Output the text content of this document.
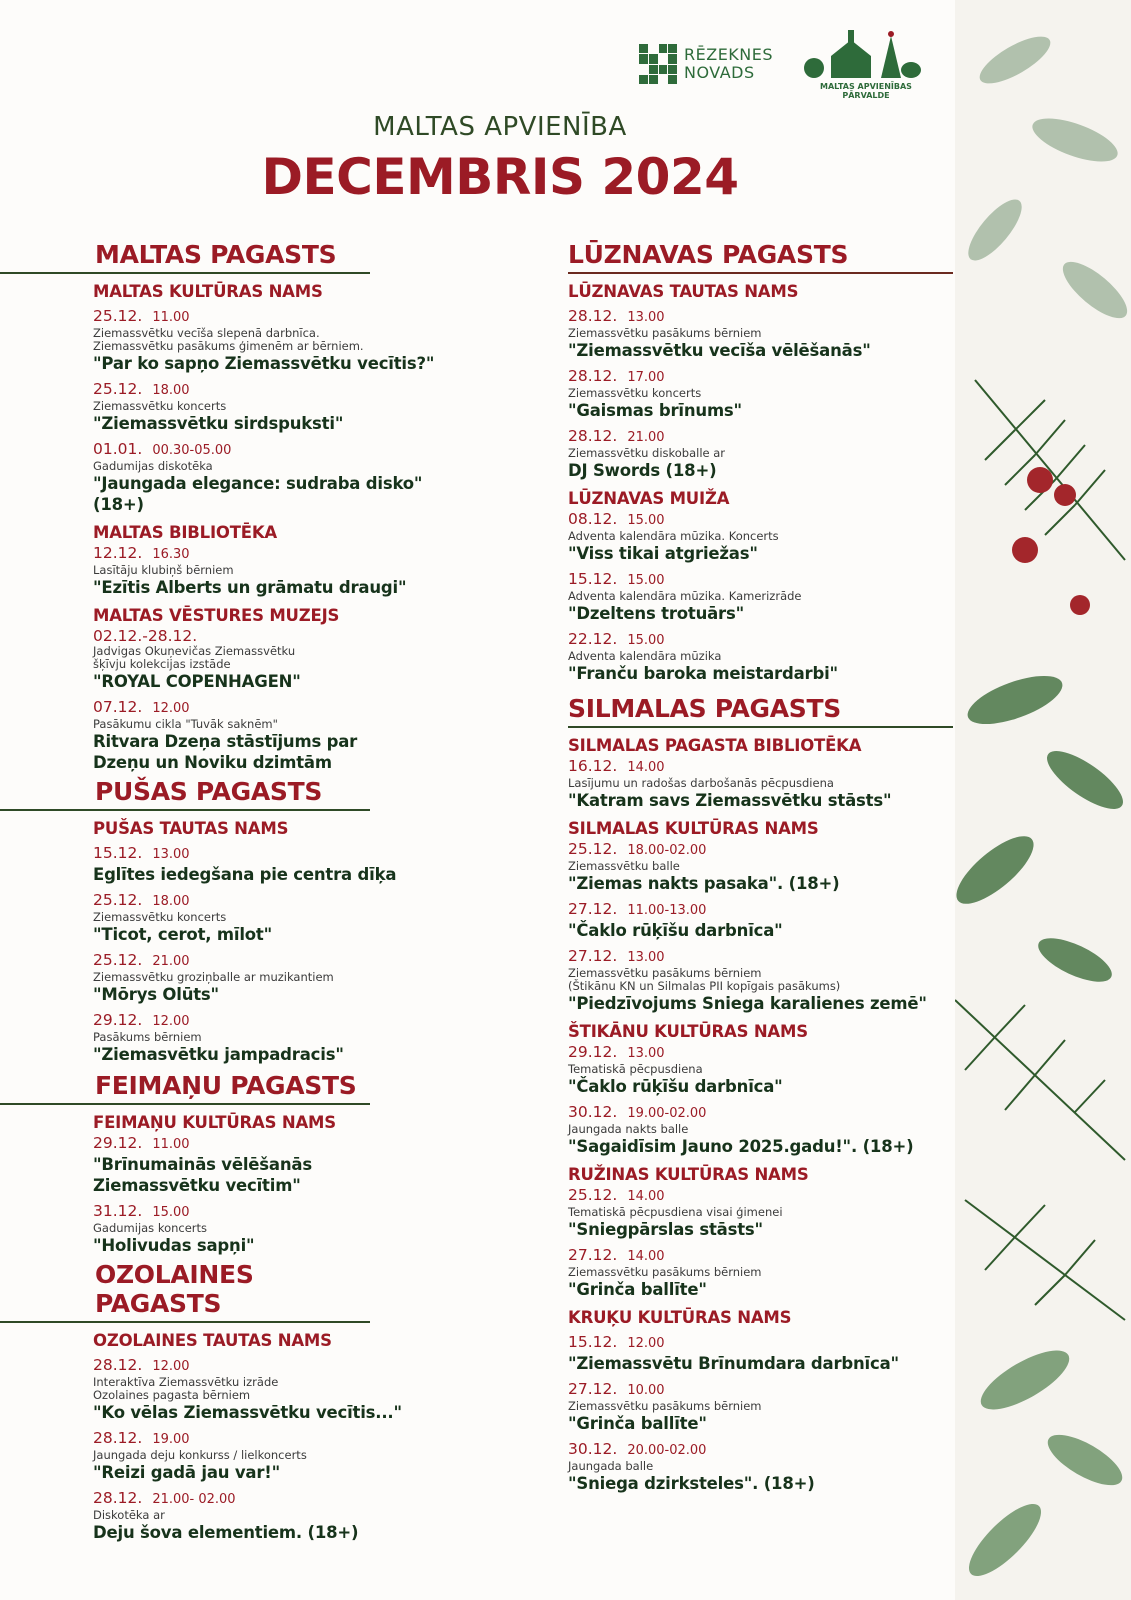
RĒZEKNES
NOVADS
MALTAS APVIENĪBAS PĀRVALDE
MALTAS APVIENĪBA
DECEMBRIS 2024
MALTAS PAGASTS
MALTAS KULTŪRAS NAMS
25.12. 11.00
Ziemassvētku vecīša slepenā darbnīca.
Ziemassvētku pasākums ģimenēm ar bērniem.
"Par ko sapņo Ziemassvētku vecītis?"
25.12. 18.00
Ziemassvētku koncerts
"Ziemassvētku sirdspuksti"
01.01. 00.30-05.00
Gadumijas diskotēka
"Jaungada elegance: sudraba disko" (18+)
MALTAS BIBLIOTĒKA
12.12. 16.30
Lasītāju klubiņš bērniem
"Ezītis Alberts un grāmatu draugi"
MALTAS VĒSTURES MUZEJS
02.12.-28.12.
Jadvigas Okuņevičas Ziemassvētku
šķīvju kolekcijas izstāde
"ROYAL COPENHAGEN"
07.12. 12.00
Pasākumu cikla "Tuvāk saknēm"
Ritvara Dzeņa stāstījums par
Dzeņu un Noviku dzimtām
PUŠAS PAGASTS
PUŠAS TAUTAS NAMS
15.12. 13.00
Eglītes iedegšana pie centra dīķa
25.12. 18.00
Ziemassvētku koncerts
"Ticot, cerot, mīlot"
25.12. 21.00
Ziemassvētku groziņballe ar muzikantiem
"Mōrys Olūts"
29.12. 12.00
Pasākums bērniem
"Ziemasvētku jampadracis"
FEIMAŅU PAGASTS
FEIMAŅU KULTŪRAS NAMS
29.12. 11.00
"Brīnumainās vēlēšanās
Ziemassvētku vecītim"
31.12. 15.00
Gadumijas koncerts
"Holivudas sapņi"
OZOLAINES PAGASTS
OZOLAINES TAUTAS NAMS
28.12. 12.00
Interaktīva Ziemassvētku izrāde
Ozolaines pagasta bērniem
"Ko vēlas Ziemassvētku vecītis..."
28.12. 19.00
Jaungada deju konkurss / lielkoncerts
"Reizi gadā jau var!"
28.12. 21.00- 02.00
Diskotēka ar
Deju šova elementiem. (18+)
LŪZNAVAS PAGASTS
LŪZNAVAS TAUTAS NAMS
28.12. 13.00
Ziemassvētku pasākums bērniem
"Ziemassvētku vecīša vēlēšanās"
28.12. 17.00
Ziemassvētku koncerts
"Gaismas brīnums"
28.12. 21.00
Ziemassvētku diskoballe ar
DJ Swords (18+)
LŪZNAVAS MUIŽA
08.12. 15.00
Adventa kalendāra mūzika. Koncerts
"Viss tikai atgriežas"
15.12. 15.00
Adventa kalendāra mūzika. Kamerizrāde
"Dzeltens trotuārs"
22.12. 15.00
Adventa kalendāra mūzika
"Franču baroka meistardarbi"
SILMALAS PAGASTS
SILMALAS PAGASTA BIBLIOTĒKA
16.12. 14.00
Lasījumu un radošas darbošanās pēcpusdiena
"Katram savs Ziemassvētku stāsts"
SILMALAS KULTŪRAS NAMS
25.12. 18.00-02.00
Ziemassvētku balle
"Ziemas nakts pasaka". (18+)
27.12. 11.00-13.00
"Čaklo rūķīšu darbnīca"
27.12. 13.00
Ziemassvētku pasākums bērniem
(Štikānu KN un Silmalas PII kopīgais pasākums)
"Piedzīvojums Sniega karalienes zemē"
ŠTIKĀNU KULTŪRAS NAMS
29.12. 13.00
Tematiskā pēcpusdiena
"Čaklo rūķīšu darbnīca"
30.12. 19.00-02.00
Jaungada nakts balle
"Sagaidīsim Jauno 2025.gadu!". (18+)
RUŽINAS KULTŪRAS NAMS
25.12. 14.00
Tematiskā pēcpusdiena visai ģimenei
"Sniegpārslas stāsts"
27.12. 14.00
Ziemassvētku pasākums bērniem
"Grinča ballīte"
KRUĶU KULTŪRAS NAMS
15.12. 12.00
"Ziemassvētu Brīnumdara darbnīca"
27.12. 10.00
Ziemassvētku pasākums bērniem
"Grinča ballīte"
30.12. 20.00-02.00
Jaungada balle
"Sniega dzirksteles". (18+)
